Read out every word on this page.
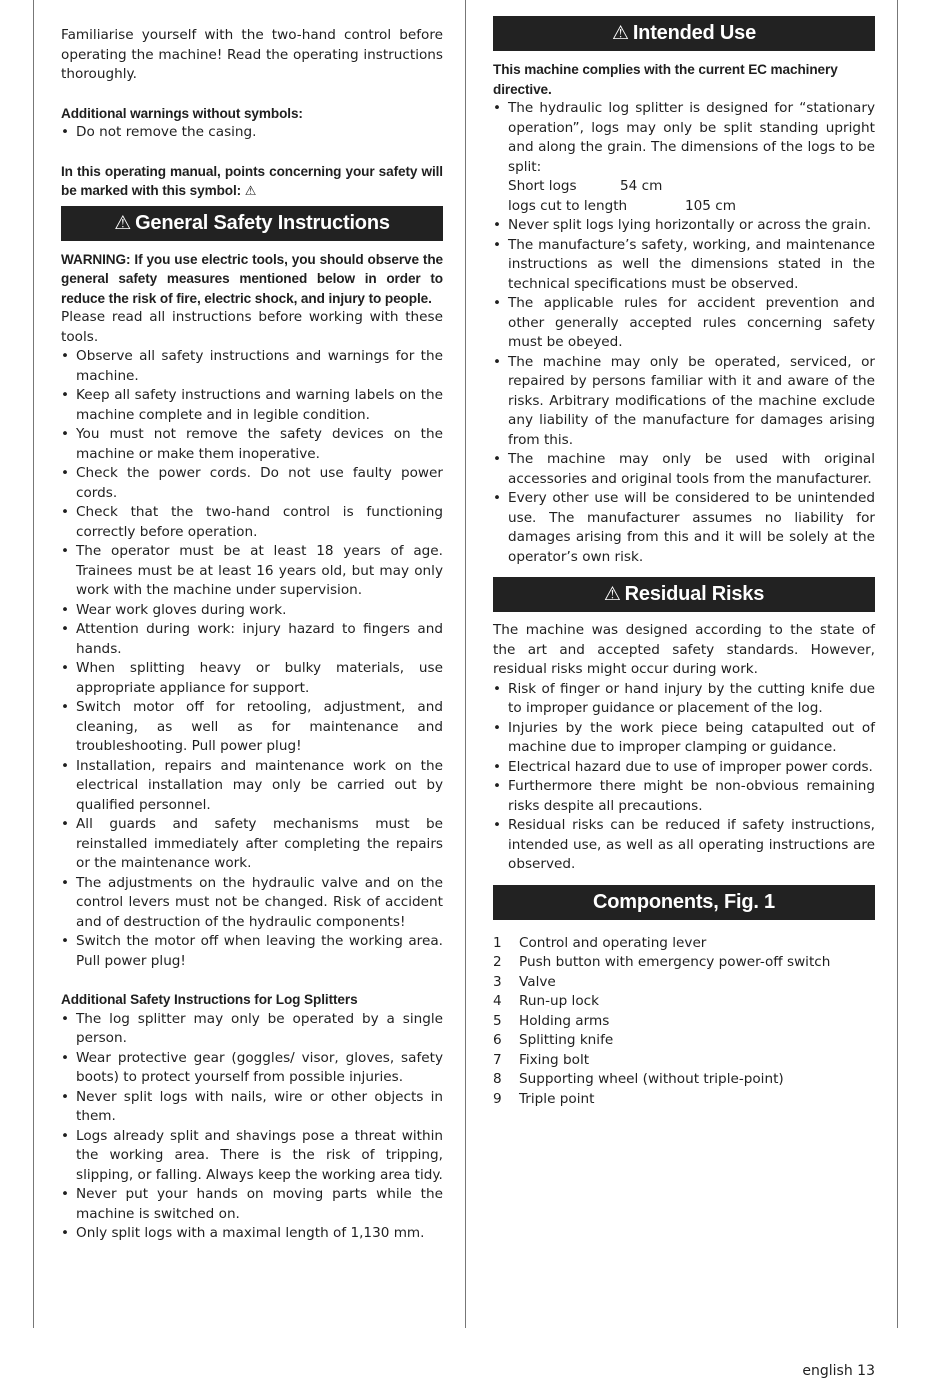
Familiarise yourself with the two-hand control before operating the machine! Read the operating instructions thoroughly.

Additional warnings without symbols:

• Do not remove the casing.

In this operating manual, points concerning your safety will be marked with this symbol: ⚠

⚠ General Safety Instructions

WARNING: If you use electric tools, you should observe the general safety measures mentioned below in order to reduce the risk of fire, electric shock, and injury to people.

Please read all instructions before working with these tools.

• Observe all safety instructions and warnings for the machine.
• Keep all safety instructions and warning labels on the machine complete and in legible condition.
• You must not remove the safety devices on the machine or make them inoperative.
• Check the power cords. Do not use faulty power cords.
• Check that the two-hand control is functioning correctly before operation.
• The operator must be at least 18 years of age. Trainees must be at least 16 years old, but may only work with the machine under supervision.
• Wear work gloves during work.
• Attention during work: injury hazard to fingers and hands.
• When splitting heavy or bulky materials, use appropriate appliance for support.
• Switch motor off for retooling, adjustment, and cleaning, as well as for maintenance and troubleshooting. Pull power plug!
• Installation, repairs and maintenance work on the electrical installation may only be carried out by qualified personnel.
• All guards and safety mechanisms must be reinstalled immediately after completing the repairs or the maintenance work.
• The adjustments on the hydraulic valve and on the control levers must not be changed. Risk of accident and of destruction of the hydraulic components!
• Switch the motor off when leaving the working area. Pull power plug!

Additional Safety Instructions for Log Splitters

• The log splitter may only be operated by a single person.
• Wear protective gear (goggles/ visor, gloves, safety boots) to protect yourself from possible injuries.
• Never split logs with nails, wire or other objects in them.
• Logs already split and shavings pose a threat within the working area. There is the risk of tripping, slipping, or falling. Always keep the working area tidy.
• Never put your hands on moving parts while the machine is switched on.
• Only split logs with a maximal length of 1,130 mm.
⚠ Intended Use

This machine complies with the current EC machinery directive.

• The hydraulic log splitter is designed for “stationary operation”, logs may only be split standing upright and along the grain. The dimensions of the logs to be split:
Short logs	54 cm
logs cut to length	105 cm
• Never split logs lying horizontally or across the grain.
• The manufacture’s safety, working, and maintenance instructions as well the dimensions stated in the technical specifications must be observed.
• The applicable rules for accident prevention and other generally accepted rules concerning safety must be obeyed.
• The machine may only be operated, serviced, or repaired by persons familiar with it and aware of the risks. Arbitrary modifications of the machine exclude any liability of the manufacture for damages arising from this.
• The machine may only be used with original accessories and original tools from the manufacturer.
• Every other use will be considered to be unintended use. The manufacturer assumes no liability for damages arising from this and it will be solely at the operator’s own risk.
⚠ Residual Risks

The machine was designed according to the state of the art and accepted safety standards. However, residual risks might occur during work.

• Risk of finger or hand injury by the cutting knife due to improper guidance or placement of the log.
• Injuries by the work piece being catapulted out of machine due to improper clamping or guidance.
• Electrical hazard due to use of improper power cords.
• Furthermore there might be non-obvious remaining risks despite all precautions.
• Residual risks can be reduced if safety instructions, intended use, as well as all operating instructions are observed.
Components, Fig. 1
1	Control and operating lever
2	Push button with emergency power-off switch
3	Valve
4	Run-up lock
5	Holding arms
6	Splitting knife
7	Fixing bolt
8	Supporting wheel (without triple-point)
9	Triple point
english 13
